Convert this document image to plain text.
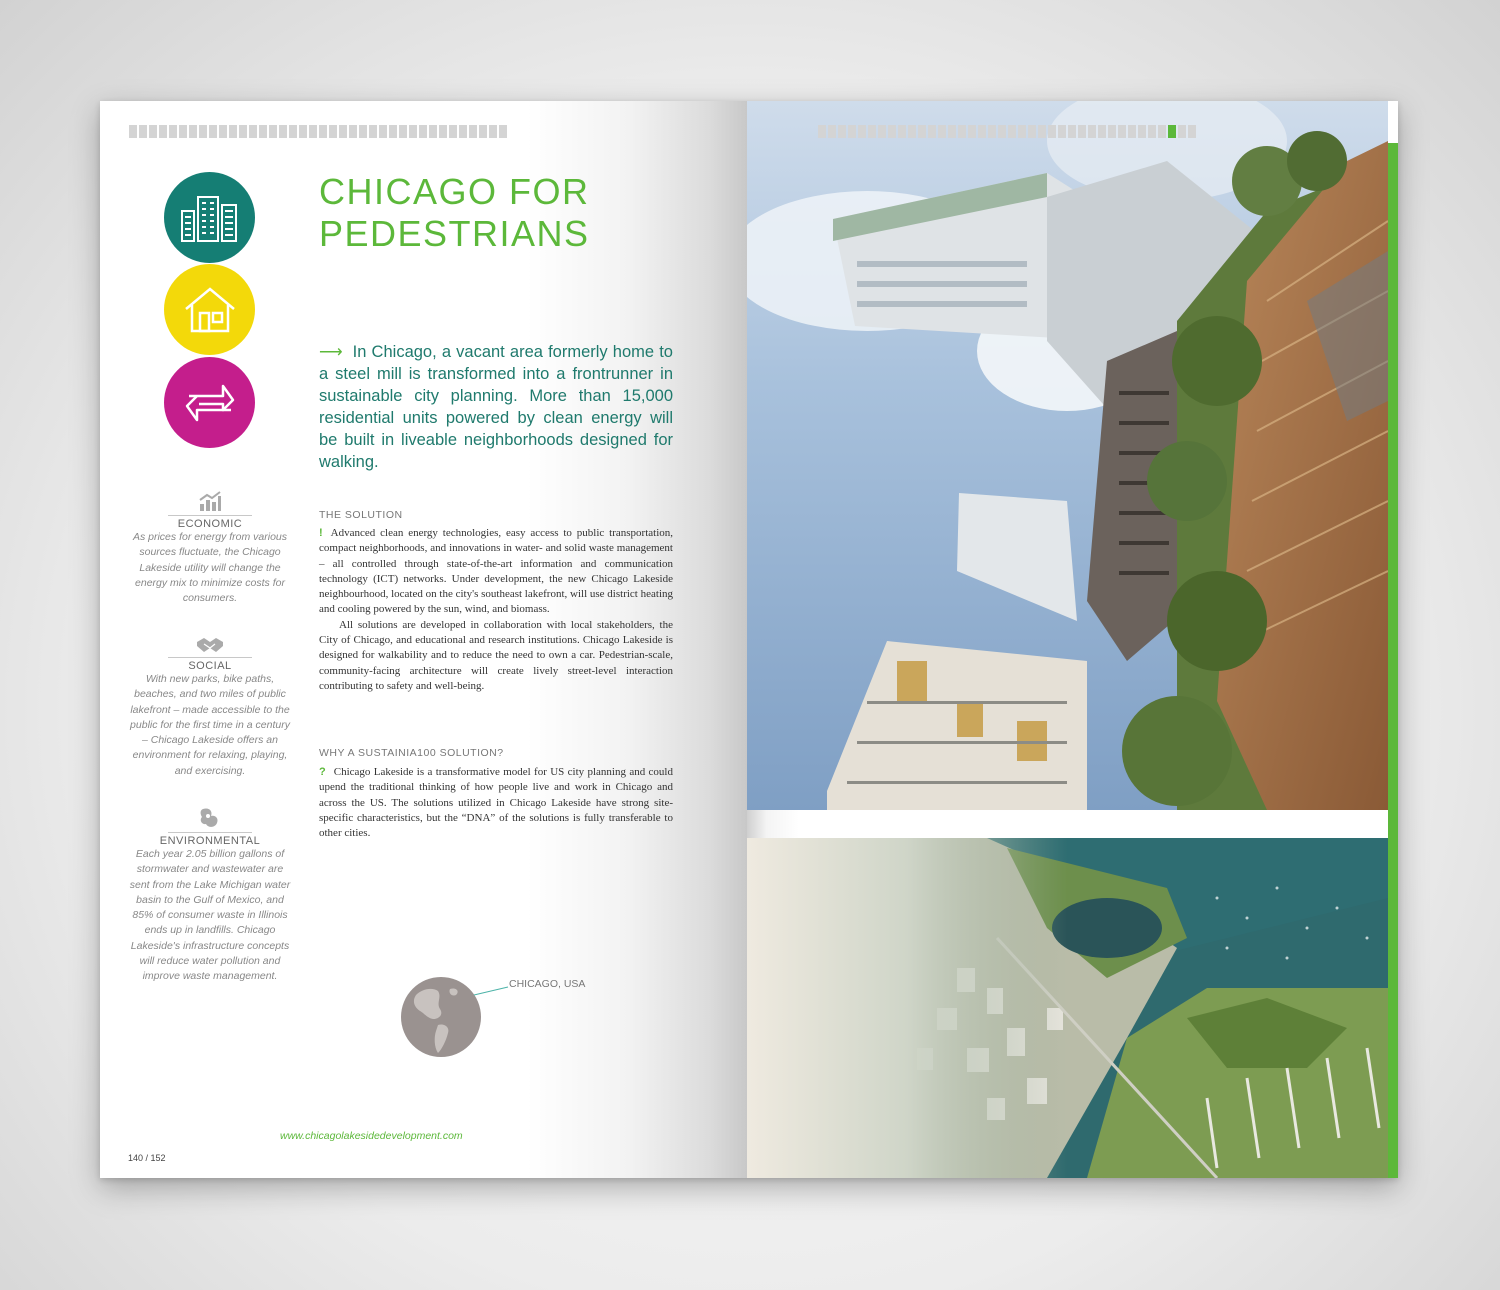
CHICAGO FOR
PEDESTRIANS
⟶ In Chicago, a vacant area formerly home to a steel mill is transformed into a frontrunner in sustainable city planning. More than 15,000 residential units powered by clean energy will be built in liveable neighborhoods designed for walking.
THE SOLUTION

! Advanced clean energy technologies, easy access to public transportation, compact neighborhoods, and innovations in water- and solid waste management – all controlled through state-of-the-art information and communication technology (ICT) networks. Under development, the new Chicago Lakeside neighbourhood, located on the city's southeast lakefront, will use district heating and cooling powered by the sun, wind, and biomass.

All solutions are developed in collaboration with local stakeholders, the City of Chicago, and educational and research institutions. Chicago Lakeside is designed for walkability and to reduce the need to own a car. Pedestrian-scale, community-facing architecture will create lively street-level interaction contributing to safety and well-being.

WHY A SUSTAINIA100 SOLUTION?

? Chicago Lakeside is a transformative model for US city planning and could upend the traditional thinking of how people live and work in Chicago and across the US. The solutions utilized in Chicago Lakeside have strong site-specific characteristics, but the “DNA” of the solutions is fully transferable to other cities.

ECONOMIC
As prices for energy from various sources fluctuate, the Chicago Lakeside utility will change the energy mix to minimize costs for consumers.
SOCIAL
With new parks, bike paths, beaches, and two miles of public lakefront – made accessible to the public for the first time in a century – Chicago Lakeside offers an environment for relaxing, playing, and exercising.
ENVIRONMENTAL
Each year 2.05 billion gallons of stormwater and wastewater are sent from the Lake Michigan water basin to the Gulf of Mexico, and 85% of consumer waste in Illinois ends up in landfills. Chicago Lakeside's infrastructure concepts will reduce water pollution and improve waste management.
CHICAGO, USA
www.chicagolakesidedevelopment.com
140 / 152
